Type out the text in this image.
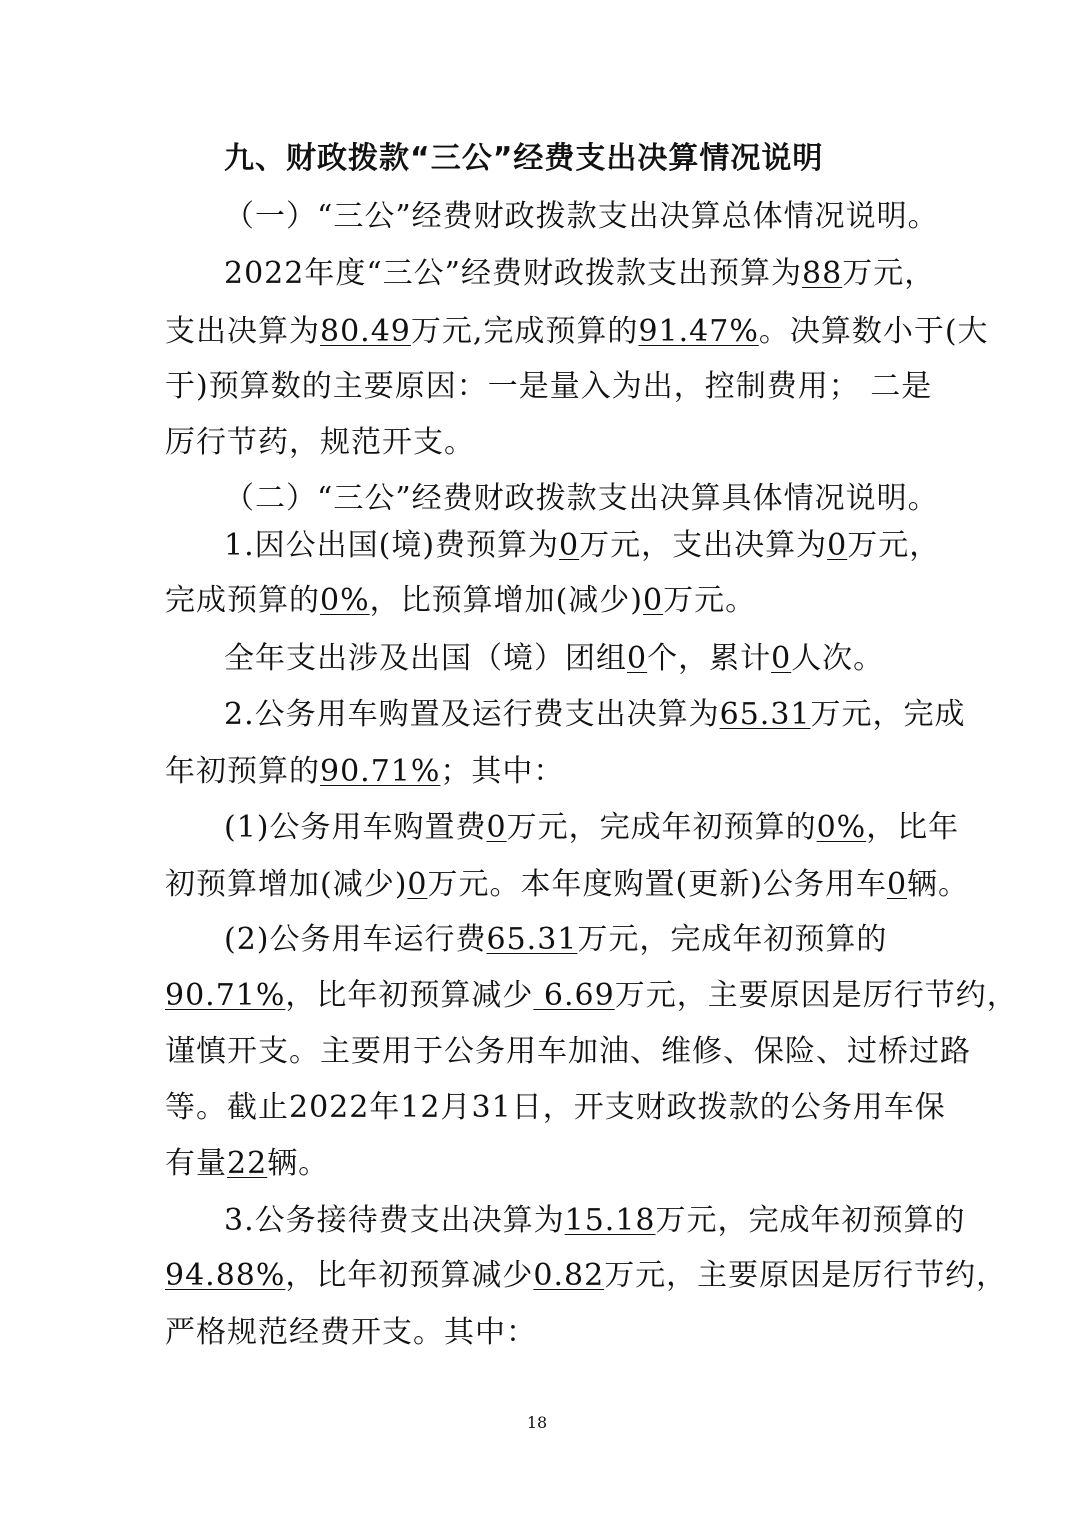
九、财政拨款“三公”经费支出决算情况说明
（一）“三公”经费财政拨款支出决算总体情况说明。
2022年度“三公”经费财政拨款支出预算为88万元，
支出决算为80.49万元,完成预算的91.47%。决算数小于(大
于)预算数的主要原因：一是量入为出，控制费用； 二是
厉行节药，规范开支。
（二）“三公”经费财政拨款支出决算具体情况说明。
1.因公出国(境)费预算为0万元，支出决算为0万元，
完成预算的0%，比预算增加(减少)0万元。
全年支出涉及出国（境）团组0个，累计0人次。
2.公务用车购置及运行费支出决算为65.31万元，完成
年初预算的90.71%；其中：
(1)公务用车购置费0万元，完成年初预算的0%，比年
初预算增加(减少)0万元。本年度购置(更新)公务用车0辆。
(2)公务用车运行费65.31万元，完成年初预算的
90.71%，比年初预算减少 6.69万元，主要原因是厉行节约，
谨慎开支。主要用于公务用车加油、维修、保险、过桥过路
等。截止2022年12月31日，开支财政拨款的公务用车保
有量22辆。
3.公务接待费支出决算为15.18万元，完成年初预算的
94.88%，比年初预算减少0.82万元，主要原因是厉行节约，
严格规范经费开支。其中：
18
